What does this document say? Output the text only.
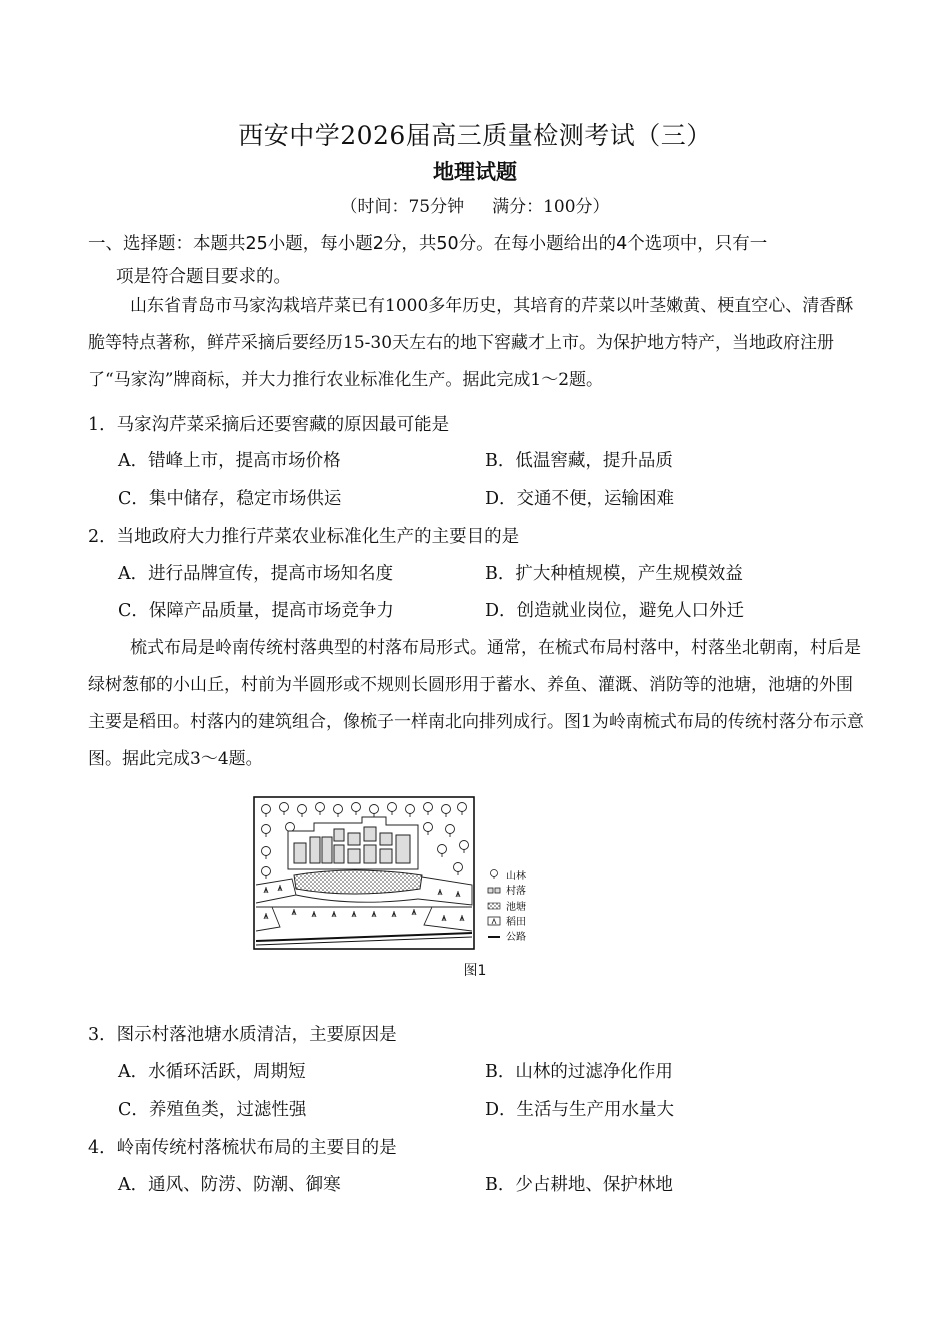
西安中学2026届高三质量检测考试（三）
地理试题
（时间：75分钟 满分：100分）
一、选择题：本题共25小题，每小题2分，共50分。在每小题给出的4个选项中，只有一
项是符合题目要求的。
山东省青岛市马家沟栽培芹菜已有1000多年历史，其培育的芹菜以叶茎嫩黄、梗直空心、清香酥脆等特点著称，鲜芹采摘后要经历15-30天左右的地下窖藏才上市。为保护地方特产，当地政府注册了“马家沟”牌商标，并大力推行农业标准化生产。据此完成1～2题。
1．马家沟芹菜采摘后还要窖藏的原因最可能是
A．错峰上市，提高市场价格	B．低温窖藏，提升品质
C．集中储存，稳定市场供运	D．交通不便，运输困难
2．当地政府大力推行芹菜农业标准化生产的主要目的是
A．进行品牌宣传，提高市场知名度	B．扩大种植规模，产生规模效益
C．保障产品质量，提高市场竞争力	D．创造就业岗位，避免人口外迁
梳式布局是岭南传统村落典型的村落布局形式。通常，在梳式布局村落中，村落坐北朝南，村后是绿树葱郁的小山丘，村前为半圆形或不规则长圆形用于蓄水、养鱼、灌溉、消防等的池塘，池塘的外围主要是稻田。村落内的建筑组合，像梳子一样南北向排列成行。图1为岭南梳式布局的传统村落分布示意图。据此完成3～4题。
山林
村落
池塘
稻田
公路
图1
3．图示村落池塘水质清洁，主要原因是
A．水循环活跃，周期短	B．山林的过滤净化作用
C．养殖鱼类，过滤性强	D．生活与生产用水量大
4．岭南传统村落梳状布局的主要目的是
A．通风、防涝、防潮、御寒	B．少占耕地、保护林地
